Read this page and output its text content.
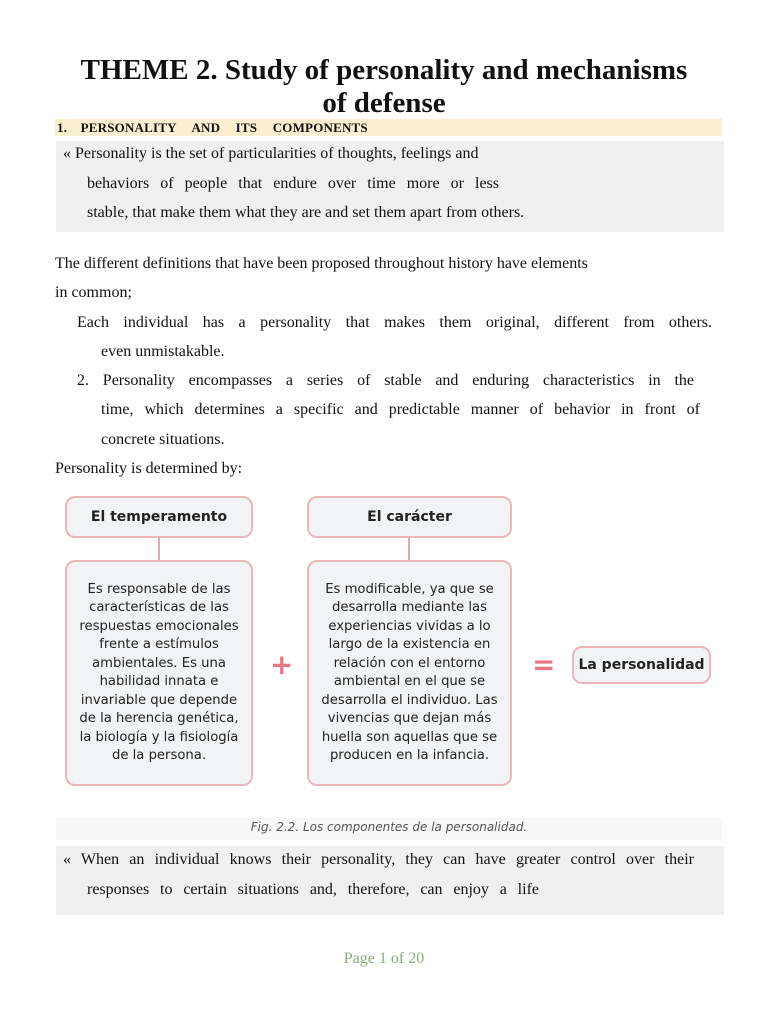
THEME 2. Study of personality and mechanisms
of defense
1. PERSONALITY AND ITS COMPONENTS
« Personality is the set of particularities of thoughts, feelings and
behaviors of people that endure over time more or less
stable, that make them what they are and set them apart from others.
The different definitions that have been proposed throughout history have elements
in common;
Each individual has a personality that makes them original, different from others.
even unmistakable.
2. Personality encompasses a series of stable and enduring characteristics in the
time, which determines a specific and predictable manner of behavior in front of
concrete situations.
Personality is determined by:
El temperamento
Es responsable de las características de las respuestas emocionales frente a estímulos ambientales. Es una habilidad innata e invariable que depende de la herencia genética, la biología y la fisiología de la persona.
+
El carácter
Es modificable, ya que se desarrolla mediante las experiencias vividas a lo largo de la existencia en relación con el entorno ambiental en el que se desarrolla el individuo. Las vivencias que dejan más huella son aquellas que se producen en la infancia.
= La personalidad
Fig. 2.2. Los componentes de la personalidad.
« When an individual knows their personality, they can have greater control over their
responses to certain situations and, therefore, can enjoy a life
Page 1 of 20
